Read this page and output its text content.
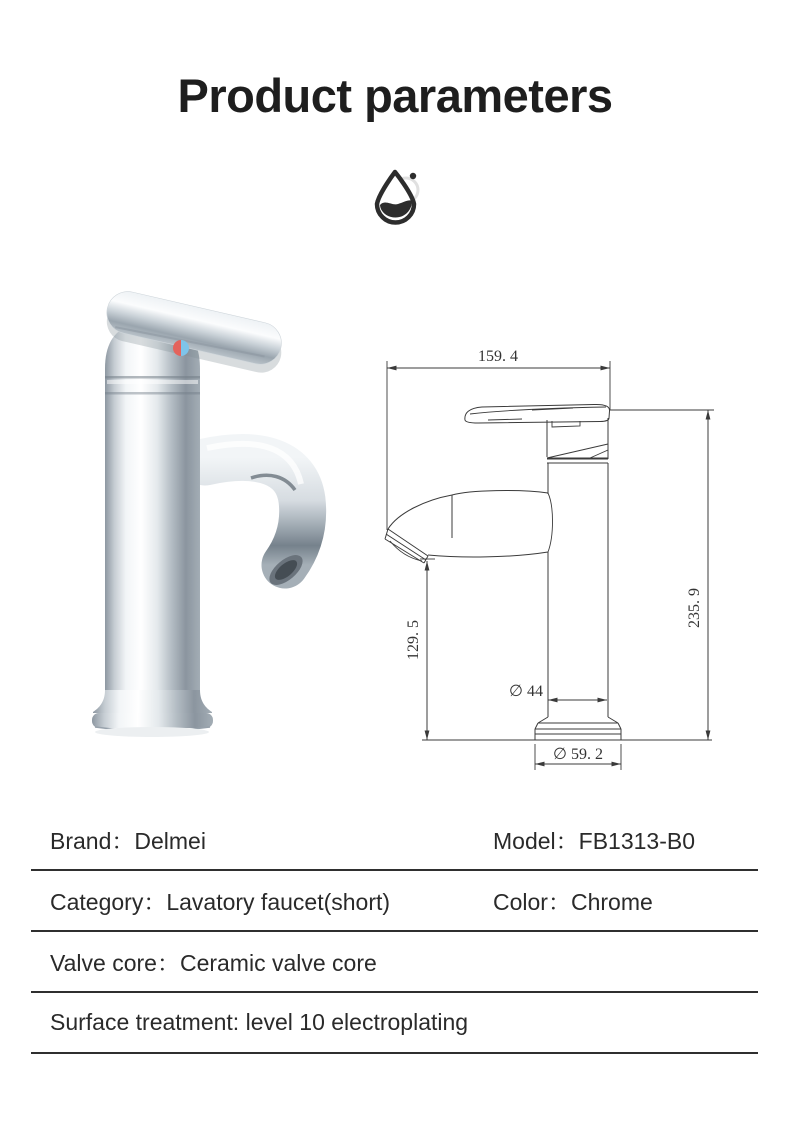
Product parameters
159. 4
235. 9
129. 5
∅ 44
∅ 59. 2
Brand：Delmei	Model：FB1313-B0
Category：Lavatory faucet(short)	Color：Chrome
Valve core：Ceramic valve core
Surface treatment: level 10 electroplating
